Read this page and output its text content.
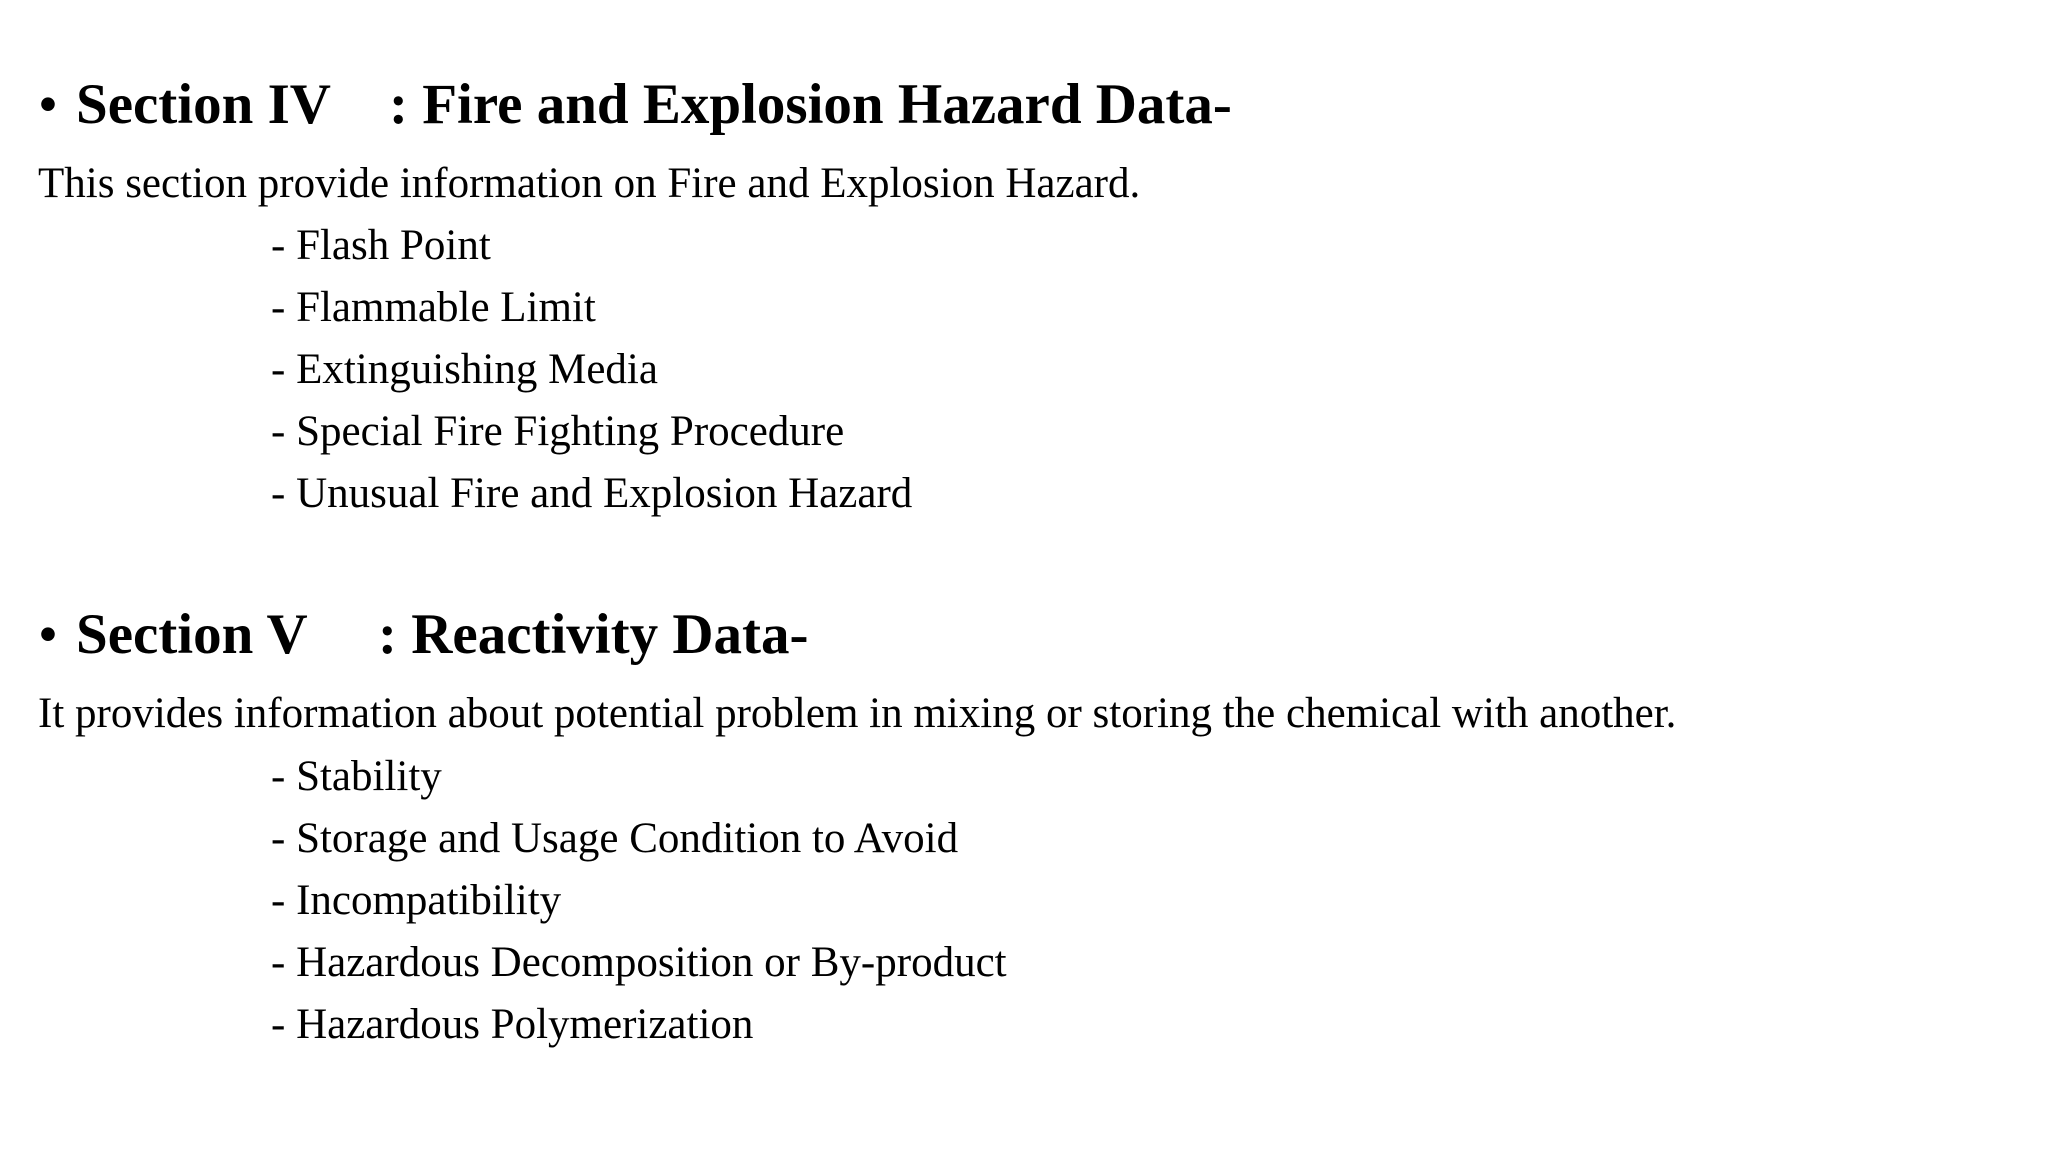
• Section IV : Fire and Explosion Hazard Data-

This section provide information on Fire and Explosion Hazard.

- Flash Point
- Flammable Limit
- Extinguishing Media
- Special Fire Fighting Procedure
- Unusual Fire and Explosion Hazard
• Section V : Reactivity Data-

It provides information about potential problem in mixing or storing the chemical with another.

- Stability
- Storage and Usage Condition to Avoid
- Incompatibility
- Hazardous Decomposition or By-product
- Hazardous Polymerization
